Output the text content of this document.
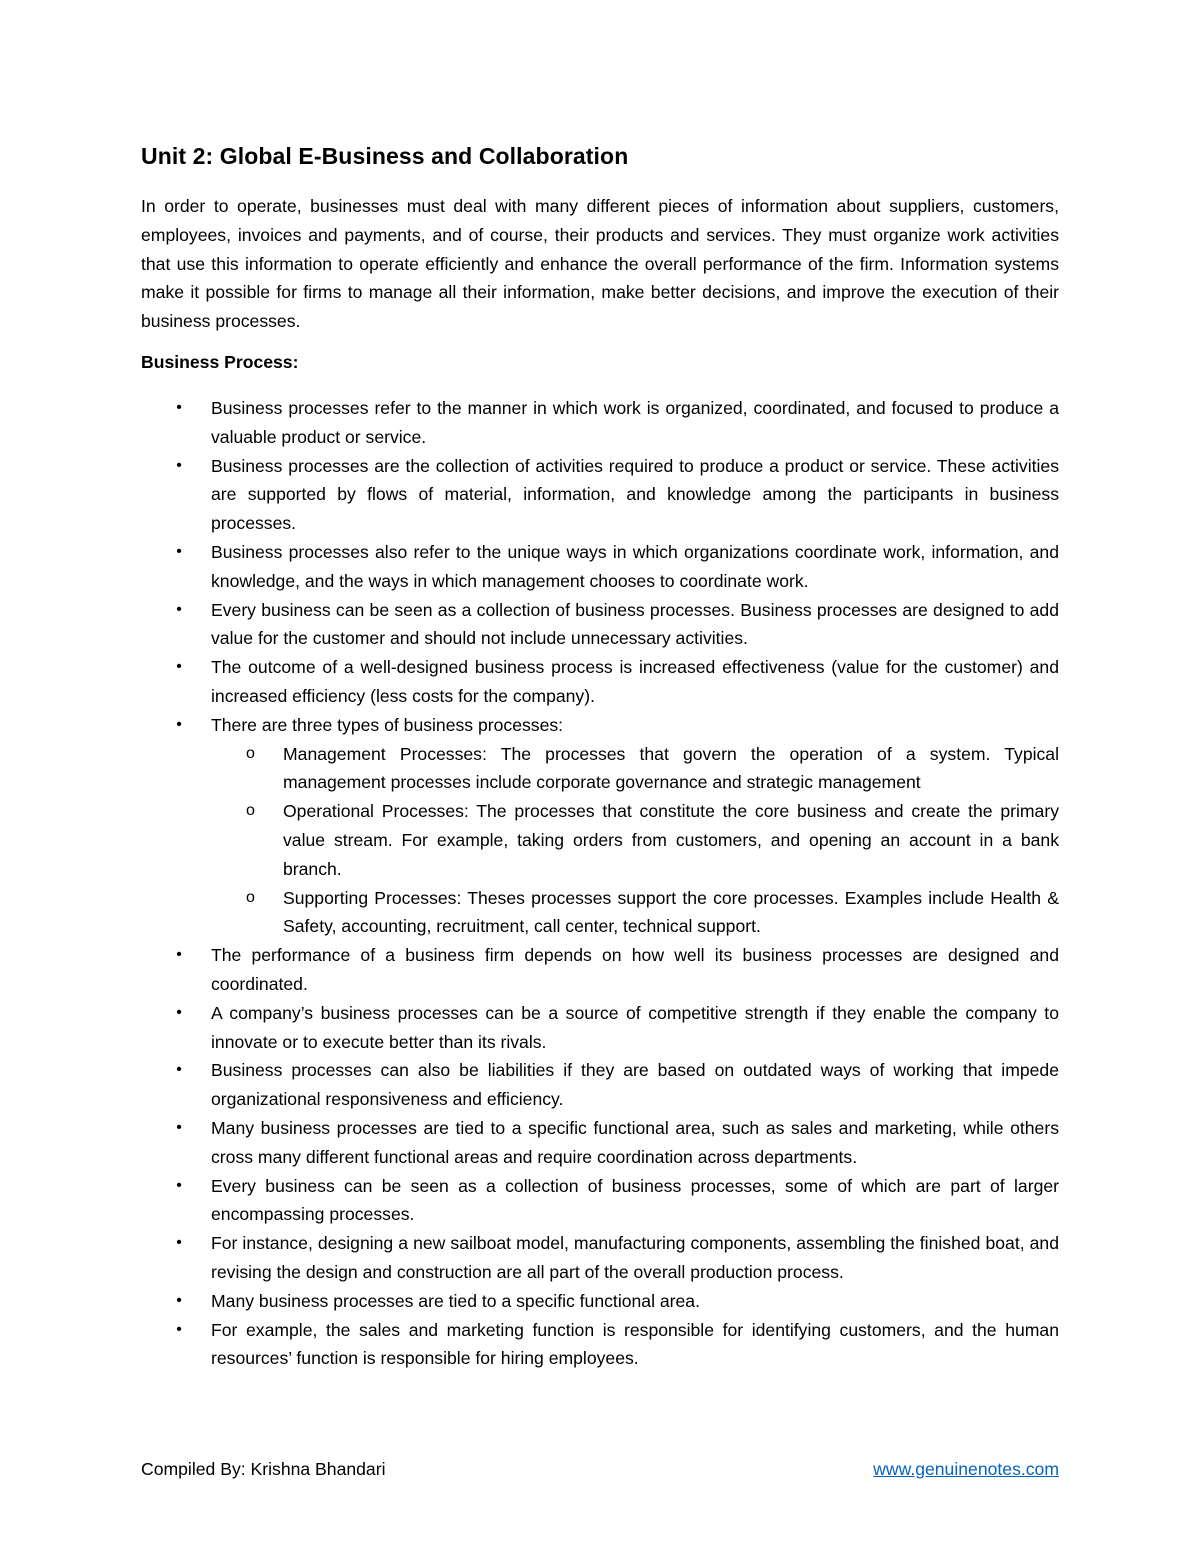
Unit 2: Global E-Business and Collaboration

In order to operate, businesses must deal with many different pieces of information about suppliers, customers, employees, invoices and payments, and of course, their products and services. They must organize work activities that use this information to operate efficiently and enhance the overall performance of the firm. Information systems make it possible for firms to manage all their information, make better decisions, and improve the execution of their business processes.

Business Process:
• Business processes refer to the manner in which work is organized, coordinated, and focused to produce a valuable product or service.
• Business processes are the collection of activities required to produce a product or service. These activities are supported by flows of material, information, and knowledge among the participants in business processes.
• Business processes also refer to the unique ways in which organizations coordinate work, information, and knowledge, and the ways in which management chooses to coordinate work.
• Every business can be seen as a collection of business processes. Business processes are designed to add value for the customer and should not include unnecessary activities.
• The outcome of a well-designed business process is increased effectiveness (value for the customer) and increased efficiency (less costs for the company).
• There are three types of business processes:
o Management Processes: The processes that govern the operation of a system. Typical management processes include corporate governance and strategic management
o Operational Processes: The processes that constitute the core business and create the primary value stream. For example, taking orders from customers, and opening an account in a bank branch.
o Supporting Processes: Theses processes support the core processes. Examples include Health & Safety, accounting, recruitment, call center, technical support.
• The performance of a business firm depends on how well its business processes are designed and coordinated.
• A company’s business processes can be a source of competitive strength if they enable the company to innovate or to execute better than its rivals.
• Business processes can also be liabilities if they are based on outdated ways of working that impede organizational responsiveness and efficiency.
• Many business processes are tied to a specific functional area, such as sales and marketing, while others cross many different functional areas and require coordination across departments.
• Every business can be seen as a collection of business processes, some of which are part of larger encompassing processes.
• For instance, designing a new sailboat model, manufacturing components, assembling the finished boat, and revising the design and construction are all part of the overall production process.
• Many business processes are tied to a specific functional area.
• For example, the sales and marketing function is responsible for identifying customers, and the human resources’ function is responsible for hiring employees.
Compiled By: Krishna Bhandari	www.genuinenotes.com
